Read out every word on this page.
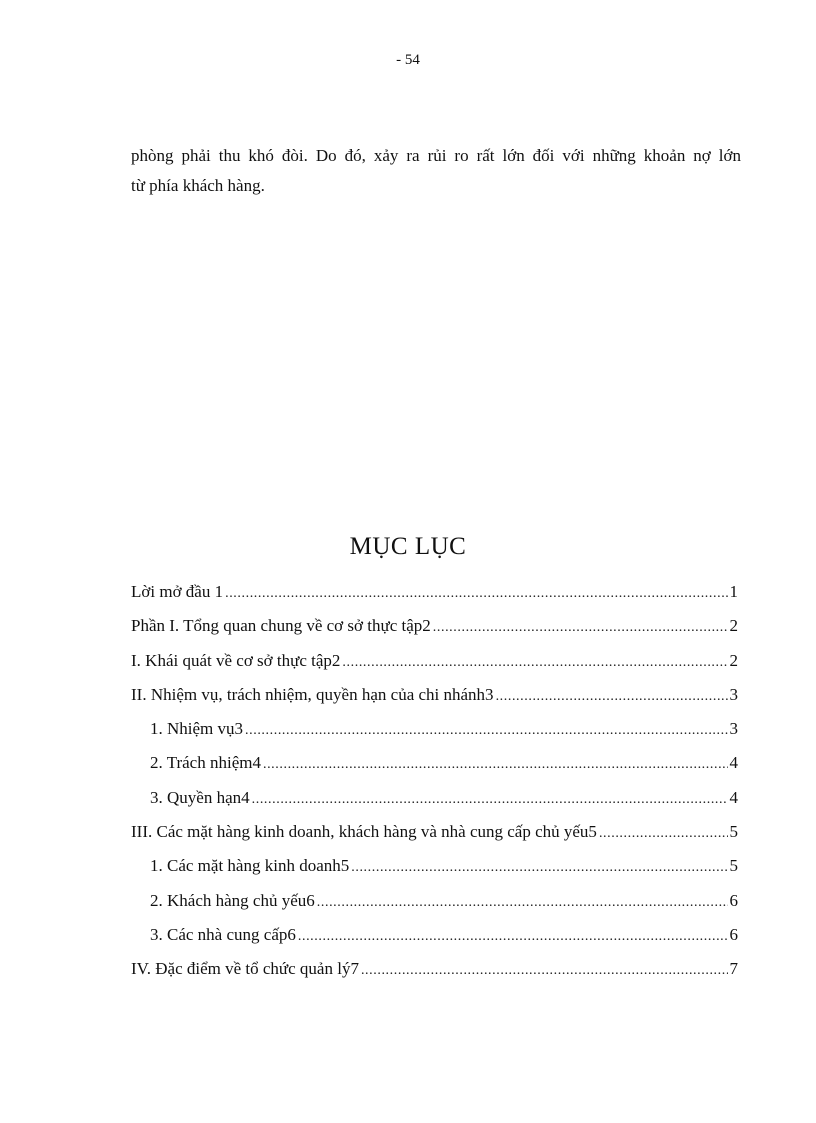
- 54
phòng phải thu khó đòi. Do đó, xảy ra rủi ro rất lớn đối với những khoản nợ lớn
từ phía khách hàng.
MỤC LỤC
Lời mở đầu 1 .....	1
Phần I. Tổng quan chung về cơ sở thực tập2 .....	2
I. Khái quát về cơ sở thực tập2 .....	2
II. Nhiệm vụ, trách nhiệm, quyền hạn của chi nhánh3 .....	3
1. Nhiệm vụ3 .....	3
2. Trách nhiệm4 .....	4
3. Quyền hạn4 .....	4
III. Các mặt hàng kinh doanh, khách hàng và nhà cung cấp chủ yếu5 .....	5
1. Các mặt hàng kinh doanh5 .....	5
2. Khách hàng chủ yếu6 .....	6
3. Các nhà cung cấp6 .....	6
IV. Đặc điểm về tổ chức quản lý7 .....	7
